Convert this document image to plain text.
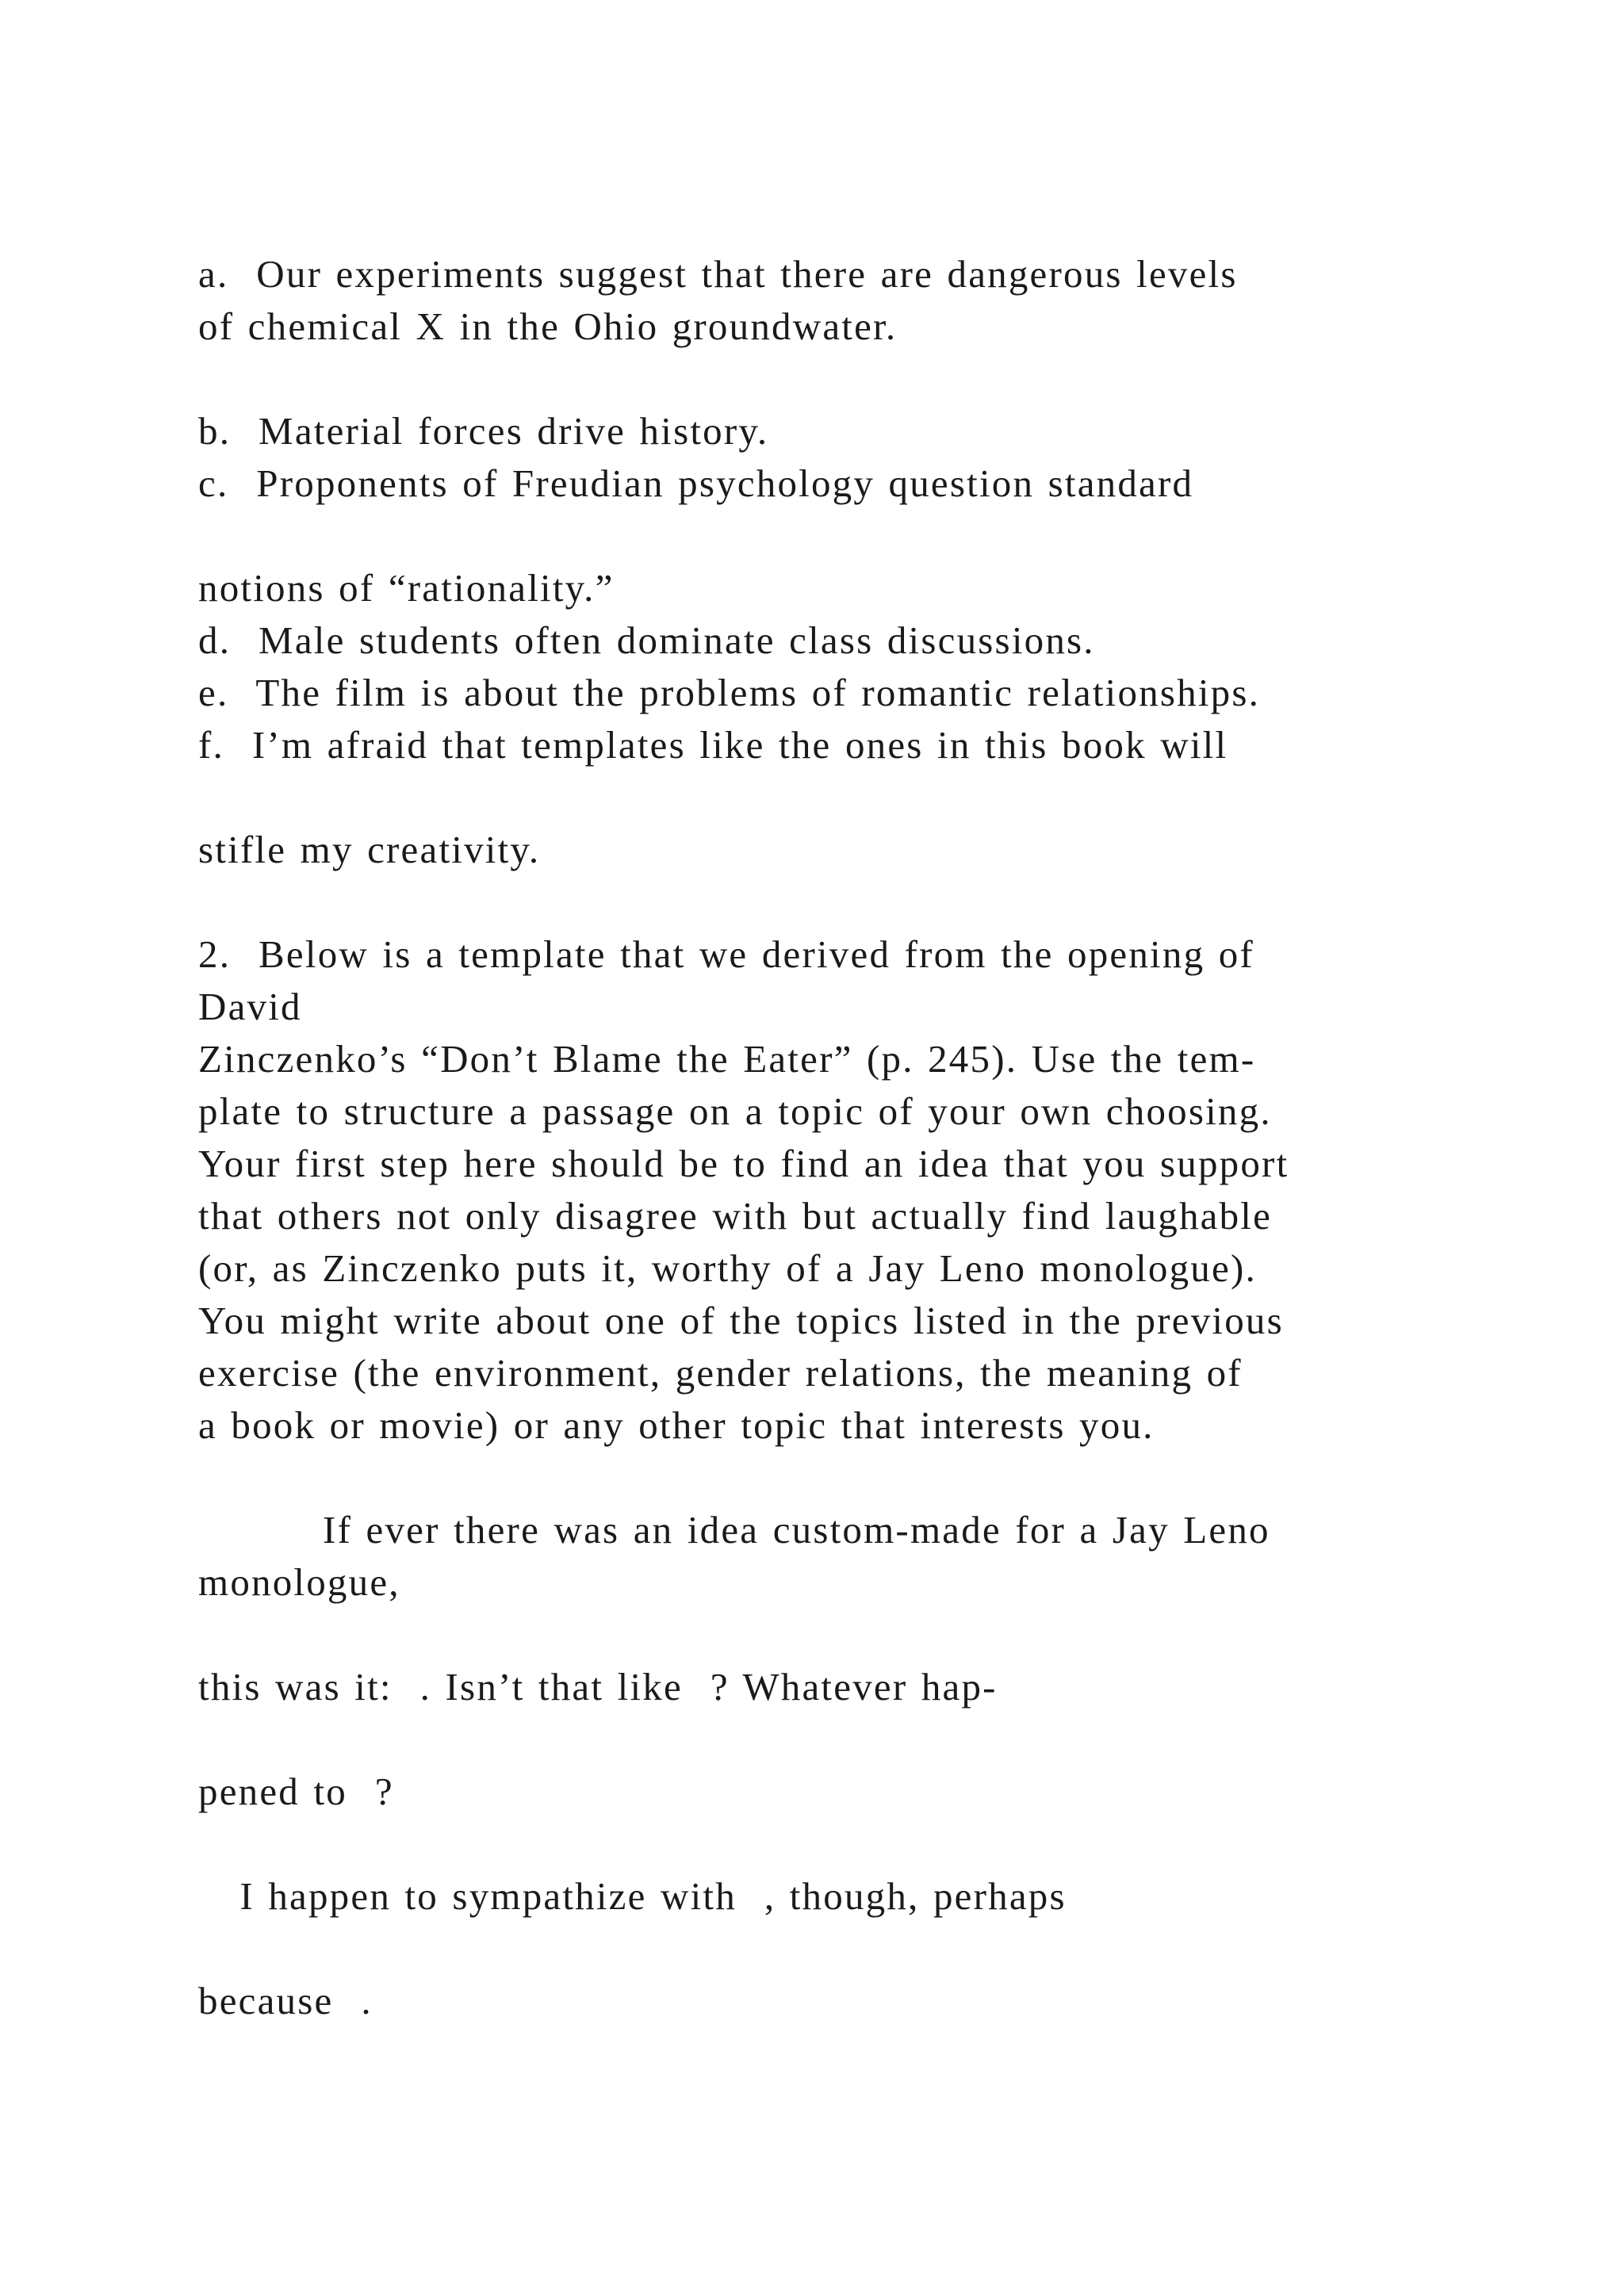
a.  Our experiments suggest that there are dangerous levels
of chemical X in the Ohio groundwater.
b.  Material forces drive history.
c.  Proponents of Freudian psychology question standard
notions of “rationality.”
d.  Male students often dominate class discussions.
e.  The film is about the problems of romantic relationships.
f.  I’m afraid that templates like the ones in this book will
stifle my creativity.
2.  Below is a template that we derived from the opening of
David
Zinczenko’s “Don’t Blame the Eater” (p. 245). Use the tem-
plate to structure a passage on a topic of your own choosing.
Your first step here should be to find an idea that you support
that others not only disagree with but actually find laughable
(or, as Zinczenko puts it, worthy of a Jay Leno monologue).
You might write about one of the topics listed in the previous
exercise (the environment, gender relations, the meaning of
a book or movie) or any other topic that interests you.
If ever there was an idea custom-made for a Jay Leno
monologue,
this was it:  . Isn’t that like  ? Whatever hap-
pened to  ?
I happen to sympathize with  , though, perhaps
because  .
